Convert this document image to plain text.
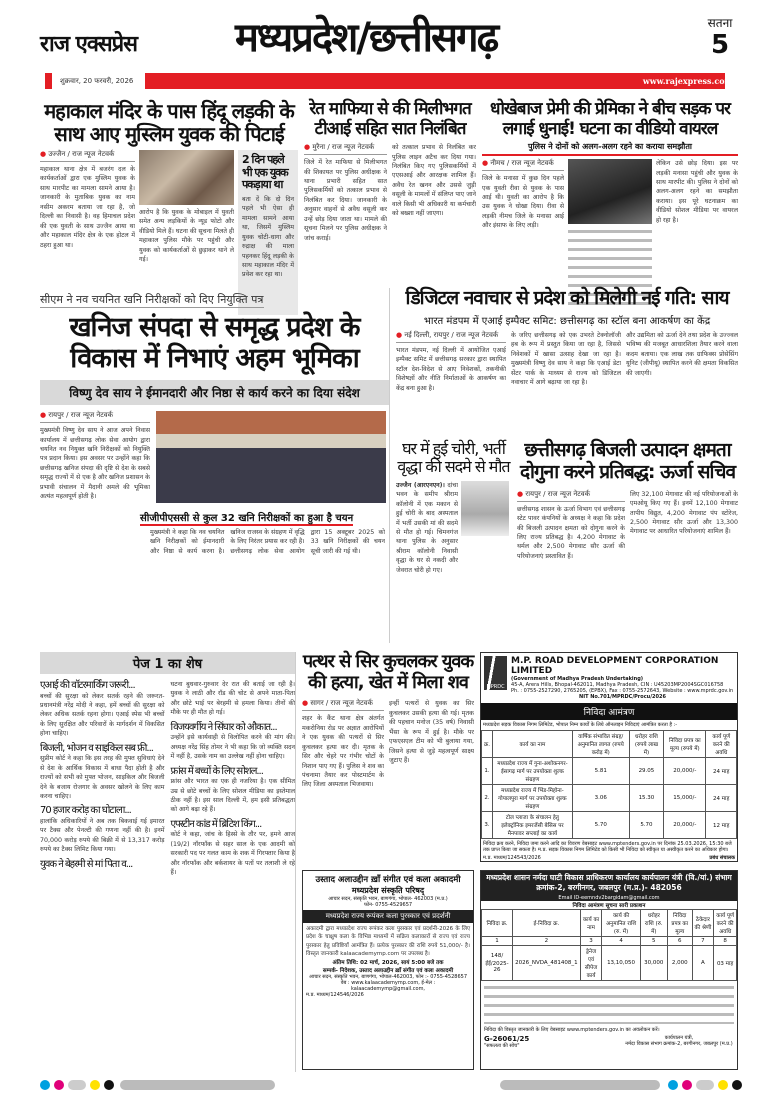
राज एक्सप्रेस
शुक्रवार, 20 फरवरी, 2026
मध्यप्रदेश/छत्तीसगढ़	सतना
5
www.rajexpress.com
महाकाल मंदिर के पास हिंदू लड़की के साथ आए मुस्लिम युवक की पिटाई
● उज्जैन / राज न्यूज नेटवर्क
महाकाल थाना क्षेत्र में बजरंग दल के कार्यकर्ताओं द्वारा एक मुस्लिम युवक के साथ मारपीट का मामला सामने आया है। जानकारी के मुताबिक युवक का नाम नसीम अकरम बताया जा रहा है, जो दिल्ली का निवासी है। वह हिमाचल प्रदेश की एक युवती के साथ उज्जैन आया था और महाकाल मंदिर क्षेत्र के एक होटल में ठहरा हुआ था।
आरोप है कि युवक के मोबाइल में युवती समेत अन्य लड़कियों के न्यूड फोटो और वीडियो मिले हैं। घटना की सूचना मिलते ही महाकाल पुलिस मौके पर पहुंची और युवक को कार्यकर्ताओं से छुड़ाकर थाने ले गई।
2 दिन पहले भी एक युवक पकड़ाया था
बता दें कि दो दिन पहले भी ऐसा ही मामला सामने आया था, जिसमें मुस्लिम युवक चोटी-धागा और रुद्राक्ष की माला पहनकर हिंदू लड़की के साथ महाकाल मंदिर में प्रवेश कर रहा था।
रेत माफिया से की मिलीभगत टीआई सहित सात निलंबित
● मुरैना / राज न्यूज नेटवर्क
जिले में रेत माफिया से मिलीभगत की शिकायत पर पुलिस अधीक्षक ने थाना प्रभारी सहित सात पुलिसकर्मियों को तत्काल प्रभाव से निलंबित कर दिया। जानकारी के अनुसार वाहनों से अवैध वसूली कर उन्हें छोड़ दिया जाता था। मामले की सूचना मिलने पर पुलिस अधीक्षक ने जांच कराई।
को तत्काल प्रभाव से निलंबित कर पुलिस लाइन अटैच कर दिया गया। निलंबित किए गए पुलिसकर्मियों में एएसआई और आरक्षक शामिल हैं। अवैध रेत खनन और उससे जुड़ी वसूली के मामलों में संलिप्त पाए जाने वाले किसी भी अधिकारी या कर्मचारी को बख्शा नहीं जाएगा।
धोखेबाज प्रेमी की प्रेमिका ने बीच सड़क पर लगाई धुनाई! घटना का वीडियो वायरल
पुलिस ने दोनों को अलग-अलग रहने का कराया समझौता
● नीमच / राज न्यूज नेटवर्क
जिले के मनासा में कुछ दिन पहले एक युवती रीवा से युवक के पास आई थी। युवती का आरोप है कि उस युवक ने धोखा दिया। रीवा से लड़की नीमच जिले के मनासा आई और इंसाफ के लिए लड़ी।
लेकिन उसे छोड़ दिया। इस पर लड़की मनासा पहुंची और युवक के साथ मारपीट की। पुलिस ने दोनों को अलग-अलग रहने का समझौता कराया। इस पूरे घटनाक्रम का वीडियो सोशल मीडिया पर वायरल हो रहा है।
सीएम ने नव चयनित खनि निरीक्षकों को दिए नियुक्ति पत्र
खनिज संपदा से समृद्ध प्रदेश के विकास में निभाएं अहम भूमिका
विष्णु देव साय ने ईमानदारी और निष्ठा से कार्य करने का दिया संदेश
● रायपुर / राज न्यूज नेटवर्क
मुख्यमंत्री विष्णु देव साय ने आज अपने निवास कार्यालय में छत्तीसगढ़ लोक सेवा आयोग द्वारा चयनित नव नियुक्त खनि निरीक्षकों को नियुक्ति पत्र प्रदान किया। इस अवसर पर उन्होंने कहा कि छत्तीसगढ़ खनिज संपदा की दृष्टि से देश के सबसे समृद्ध राज्यों में से एक है और खनिज प्रशासन के प्रभावी संचालन में मैदानी अमले की भूमिका अत्यंत महत्वपूर्ण होती है।
सीजीपीएससी से कुल 32 खनि निरीक्षकों का हुआ है चयन
मुख्यमंत्री ने कहा कि नव चयनित खनि निरीक्षकों को ईमानदारी और निष्ठा से कार्य करना है। खनिज राजस्व के संग्रहण में वृद्धि के लिए निरंतर प्रयास कर रही है। छत्तीसगढ़ लोक सेवा आयोग द्वारा 15 अक्टूबर 2025 को 33 खनि निरीक्षकों की चयन सूची जारी की गई थी।
डिजिटल नवाचार से प्रदेश को मिलेगी नई गति: साय
भारत मंडपम में एआई इम्पैक्ट समिट: छत्तीसगढ़ का स्टॉल बना आकर्षण का केंद्र
● नई दिल्ली, रायपुर / राज न्यूज नेटवर्क
भारत मंडपम, नई दिल्ली में आयोजित एआई इम्पैक्ट समिट में छत्तीसगढ़ सरकार द्वारा स्थापित स्टॉल देश-विदेश से आए निवेशकों, तकनीकी विशेषज्ञों और नीति निर्माताओं के आकर्षण का केंद्र बना हुआ है।
के जरिए छत्तीसगढ़ को एक उभरते टेक्नोलॉजी हब के रूप में प्रस्तुत किया जा रहा है, जिससे निवेशकों में खासा उत्साह देखा जा रहा है। मुख्यमंत्री विष्णु देव साय ने कहा कि एआई डेटा सेंटर पार्क के माध्यम से राज्य को डिजिटल नवाचार में आगे बढ़ाया जा रहा है।
और उद्यमिता को ऊर्जा देने तथा प्रदेश के उज्ज्वल भविष्य की मजबूत आधारशिला तैयार करने वाला कदम बताया। एक लाख तक ग्राफिक्स प्रोसेसिंग यूनिट (जीपीयू) स्थापित करने की क्षमता विकसित की जाएगी।
घर में हुई चोरी, भर्ती वृद्धा की सदमे से मौत
उज्जैन (आरएनएन)। दांचा भवन के समीप श्रीराम कॉलोनी में एक मकान से हुई चोरी के बाद अस्पताल में भर्ती उसकी मां की सदमे से मौत हो गई। चिमनगंज थाना पुलिस के अनुसार श्रीराम कॉलोनी निवासी वृद्धा के घर से नकदी और जेवरात चोरी हो गए।
छत्तीसगढ़ बिजली उत्पादन क्षमता दोगुना करने प्रतिबद्ध: ऊर्जा सचिव
● रायपुर / राज न्यूज नेटवर्क
छत्तीसगढ़ शासन के ऊर्जा विभाग एवं छत्तीसगढ़ स्टेट पावर कंपनियों के अध्यक्ष ने कहा कि प्रदेश की बिजली उत्पादन क्षमता को दोगुना करने के लिए राज्य प्रतिबद्ध है। 4,200 मेगावाट के थर्मल और 2,500 मेगावाट सौर ऊर्जा की परियोजनाएं प्रस्तावित हैं।
लिए 32,100 मेगावाट की नई परियोजनाओं के एमओयू किए गए हैं। इनमें 12,100 मेगावाट तापीय विद्युत, 4,200 मेगावाट पंप स्टोरेज, 2,500 मेगावाट सौर ऊर्जा और 13,300 मेगावाट पर आधारित परियोजनाएं शामिल हैं।
पेज 1 का शेष
एआई की वॉटरमार्किंग जरूरी...
बच्चों की सुरक्षा को लेकर सतर्क रहने की जरूरत- प्रधानमंत्री नरेंद्र मोदी ने कहा, हमें बच्चों की सुरक्षा को लेकर अधिक सतर्क रहना होगा। एआई स्पेस भी बच्चों के लिए सुरक्षित और परिवारों के मार्गदर्शन में विकसित होना चाहिए।
बिजली, भोजन व साइकिल सब फ्री...
सुप्रीम कोर्ट ने कहा कि इस तरह की मुफ्त सुविधाएं देने से देश के आर्थिक विकास में बाधा पैदा होती है और राज्यों को सभी को मुफ्त भोजन, साइकिल और बिजली देने के बजाय रोजगार के अवसर खोलने के लिए काम करना चाहिए।
70 हजार करोड़ का घोटाला...
हालांकि अधिकारियों ने अब तक बिकवाई गई इमारत पर टैक्स और पेनल्टी की गणना नहीं की है। इनमें 70,000 करोड़ रुपये की बिक्री में से 13,317 करोड़ रुपये का टैक्स लिमिट किया गया।
युवक ने बेहरमी से मां पिता व...
घटना बुधवार-गुरुवार देर रात की बताई जा रही है। युवक ने लाठी और रॉड की चोट से अपने माता-पिता और छोटे भाई पर बेरहमी से हमला किया। तीनों की मौके पर ही मौत हो गई।
विजयवर्गीय ने सिंघार को औकात...
उन्होंने इसे कार्यवाही से विलोपित करने की मांग की। अध्यक्ष नरेंद्र सिंह तोमर ने भी कहा कि जो व्यक्ति सदन में नहीं है, उसके नाम का उल्लेख नहीं होना चाहिए।
फ्रांस में बच्चों के लिए सोशल...
फ्रांस और भारत का एक ही नजरिया है। एक सीमित उम्र से छोटे बच्चों के लिए सोशल मीडिया का इस्तेमाल ठीक नहीं है। इस साल दिल्ली में, हम इसी प्रतिबद्धता को आगे बढ़ा रहे हैं।
एपस्टीन कांड में ब्रिटिश किंग...
कोर्ट ने कहा, जांच के हिस्से के तौर पर, हमने आज (19/2) नॉरफॉक से सहर साल के एक आदमी को सरकारी पद पर गलत काम के शक में गिरफ्तार किया है और नॉरफॉक और बर्कशायर के पतों पर तलाशी ले रहे हैं।
पत्थर से सिर कुचलकर युवक की हत्या, खेत में मिला शव
● सागर / राज न्यूज नेटवर्क
शहर के कैंट थाना क्षेत्र अंतर्गत मकरोनिया रोड पर अज्ञात आरोपियों ने एक युवक की पत्थरों से सिर कुचलकर हत्या कर दी। मृतक के सिर और चेहरे पर गंभीर चोटों के निशान पाए गए हैं। पुलिस ने शव का पंचनामा तैयार कर पोस्टमार्टम के लिए जिला अस्पताल भिजवाया।
इन्हीं पत्थरों से युवक का सिर कुचलकर उसकी हत्या की गई। मृतक की पहचान मनोज (35 वर्ष) निवासी भैंसा के रूप में हुई है। मौके पर एफएसएल टीम को भी बुलाया गया, जिसने हत्या से जुड़े महत्वपूर्ण साक्ष्य जुटाए हैं।
उस्ताद अलाउद्दीन ख़ाँ संगीत एवं कला अकादमी
मध्यप्रदेश संस्कृति परिषद्
आचार सदन, संस्कृति भवन, बाणगंगा, भोपाल- 462003 (म.प्र.)
फोन- 0755-4529657
मध्यप्रदेश राज्य रूपंकर कला पुरस्कार एवं प्रदर्शनी
अकादमी द्वारा मध्यप्रदेश राज्य रूपंकर कला पुरस्कार एवं प्रदर्शनी-2026 के लिए प्रदेश के चाक्षुष कला के विभिन्न माध्यमों में सक्रिय कलाकारों से राज्य एवं राज्य पुरस्कार हेतु प्रविष्टियाँ आमंत्रित हैं। प्रत्येक पुरस्कार की राशि रुपये 51,000/- है। विस्तृत जानकारी kalaacademymp.com पर उपलब्ध है।
अंतिम तिथि: 02 मार्च, 2026, सायं 5:00 बजे तक
सम्पर्क- निदेशक, उस्ताद अलाउद्दीन ख़ाँ संगीत एवं कला अकादमी
आचार सदन, संस्कृति भवन, बाणगंगा, भोपाल-462003, फोन :- 0755-4528657
वेब : www.kalaacademymp.com, ई-मेल : kalaacademymp@gmail.com,
म.प्र. माध्यम/124546/2026
MPRDC
M.P. ROAD DEVELOPMENT CORPORATION LIMITED
(Government of Madhya Pradesh Undertaking)
45-A, Arera Hills, Bhopal-462011, Madhya Pradesh, CIN : U45203MP2004SGC016758
Ph. : 0755-2527290, 2765205, (EPBX), Fax : 0755-2572643, Website : www.mprdc.gov.in
NIT No.701/MPRDC/Procu/2026
निविदा आमंत्रण
मध्यप्रदेश सड़क विकास निगम लिमिटेड, भोपाल निम्न कार्यों के लिये ऑनलाइन निविदाएं आमंत्रित करता है :-
क्र.	कार्य का नाम	वार्षिक संभावित संग्रह/अनुमानित लागत (रुपये करोड़ में)	धरोहर राशि (रुपये लाख में)	निविदा प्रपत्र का मूल्य (रुपये में)	कार्य पूर्ण करने की अवधि
1.	मध्यप्रदेश राज्य में गुना-अशोकनगर-ईसागढ़ मार्ग पर उपयोक्ता शुल्क संग्रहण	5.81	29.05	20,000/-	24 माह
2.	मध्यप्रदेश राज्य में भिंड-मिहोना-गोपालपुरा मार्ग पर उपयोक्ता शुल्क संग्रहण	3.06	15.30	15,000/-	24 माह
3.	टोल प्लाजा के संचालन हेतु इलेक्ट्रॉनिक इमरजेंसी बेसिस पर मैनपावर सप्लाई का कार्य	5.70	5.70	20,000/-	12 माह
निविदा क्रय करने, निविदा जमा करने आदि का विवरण वेबसाइट www.mptenders.gov.in पर दिनांक 25.03.2026, 15:30 बजे तक प्राप्त किया जा सकता है। म.प्र. सड़क विकास निगम लिमिटेड को किसी भी निविदा को स्वीकृत या अस्वीकृत करने का अधिकार होगा।
म.प्र. माध्यम/124543/2026	प्रबंध संचालक
मध्यप्रदेश शासन नर्मदा घाटी विकास प्राधिकरण कार्यालय कार्यपालन यंत्री (वि./यां.) संभाग क्रमांक-2, बरगीनगर, जबलपुर (म.प्र.)- 482056
Email ID-eemndv2bargidam@gmail.com
निविदा आमंत्रण सूचना सारी प्रकाशन
निविदा क्र.	ई-निविदा क्र.	कार्य का नाम	कार्य की अनुमानित राशि (रु. में)	धरोहर राशि (रु. में)	निविदा प्रपत्र का मूल्य	ठेकेदार की श्रेणी	कार्य पूर्ण करने की अवधि
1	2	3	4	5	6	7	8
148/ईई/2025-26	2026_NVDA_481408_1	ड्रेनेज एवं सीपेज कार्य	13,10,050	30,000	2,000	A	03 माह
निविदा की विस्तृत जानकारी के लिए वेबसाइट www.mptenders.gov.in का अवलोकन करें।
G-26061/25
"सफलता की सोच"
कार्यपालन यंत्री,
नर्मदा विकास संभाग क्रमांक-2, बरगीनगर, जबलपुर (म.प्र.)
